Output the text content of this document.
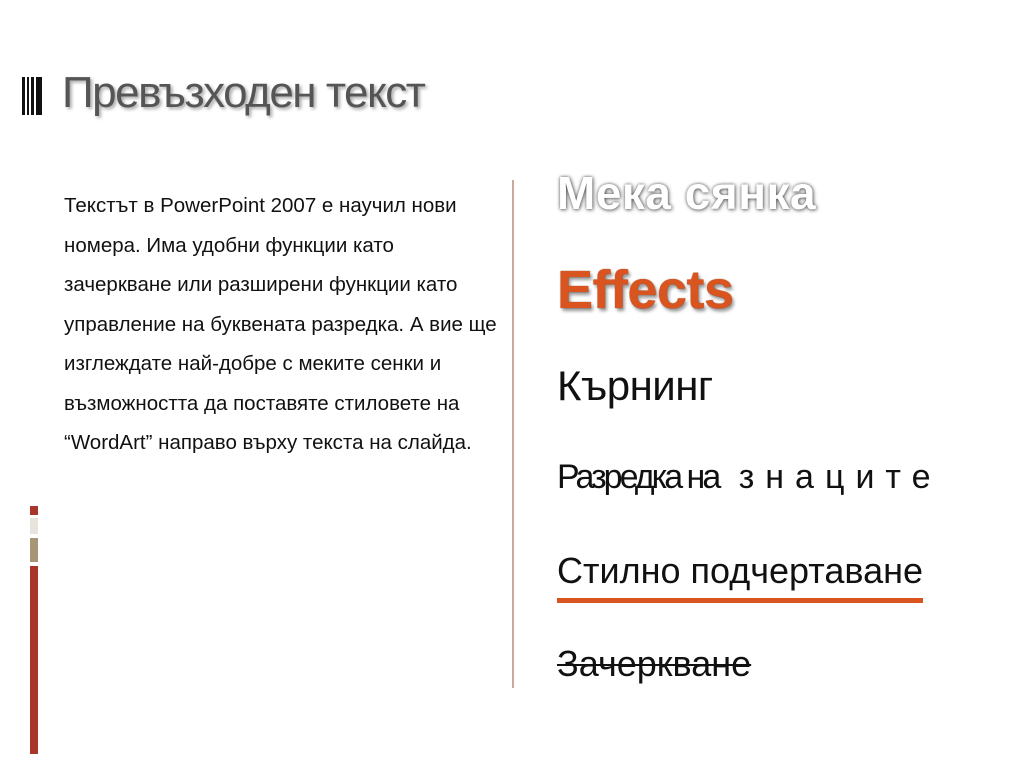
Превъзходен текст

Текстът в PowerPoint 2007 е научил нови номера. Има удобни функции като зачеркване или разширени функции като управление на буквената разредка. А вие ще изглеждате най-добре с меките сенки и възможността да поставяте стиловете на “WordArt” направо върху текста на слайда.

Мека сянка
Effects
Кърнинг
Разредка на знаците
Стилно подчертаване
Зачеркване
